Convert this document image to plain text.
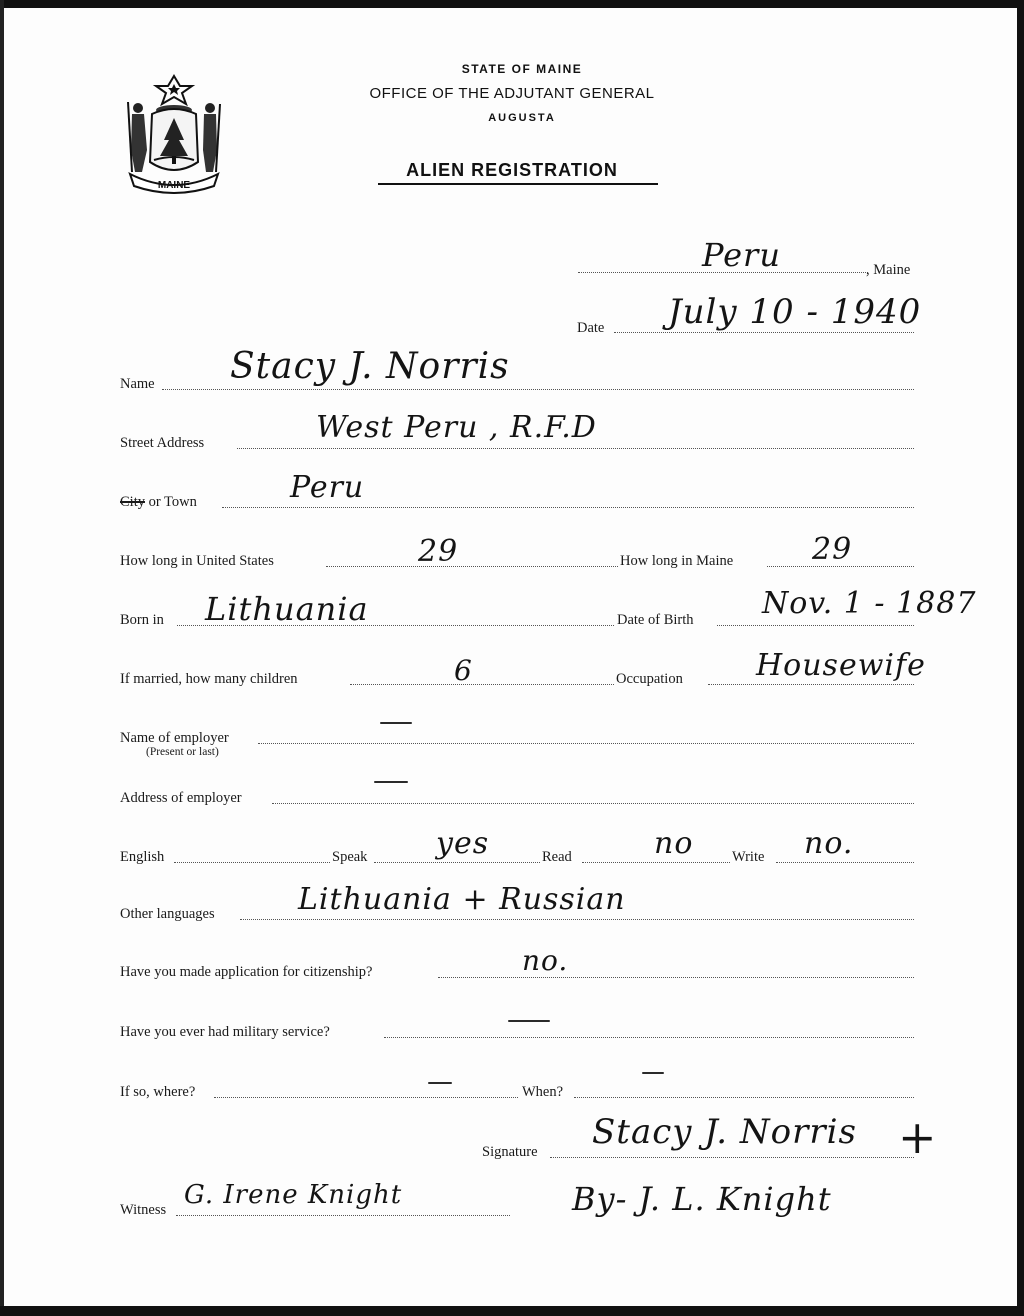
MAINE
STATE OF MAINE
OFFICE OF THE ADJUTANT GENERAL
AUGUSTA
ALIEN REGISTRATION
Peru	, Maine
Date July 10 - 1940
Name Stacy J. Norris
Street Address	West Peru , R.F.D
City or Town	Peru
How long in United States	29	How long in Maine	29
Born in Lithuania	Date of Birth Nov. 1 - 1887
If married, how many children	6	Occupation Housewife
Name of employer
(Present or last)
Address of employer
English	Speak yes	Read	no	Write no.
Other languages	Lithuania + Russian
Have you made application for citizenship?	no.
Have you ever had military service?
If so, where?	When?
Signature Stacy J. Norris +
By- J. L. Knight
Witness G. Irene Knight
